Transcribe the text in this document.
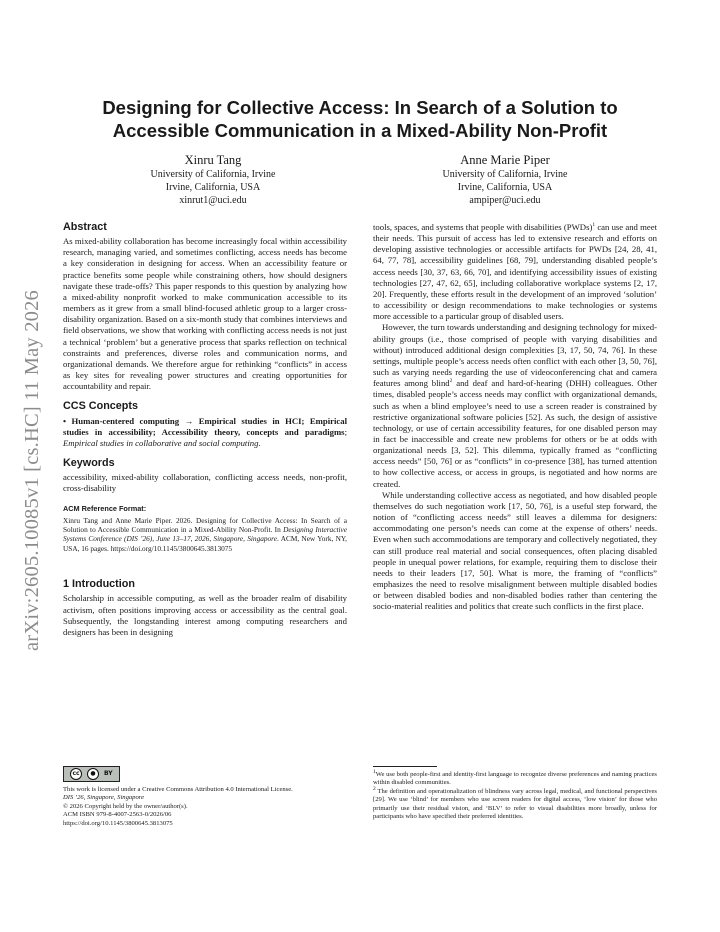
arXiv:2605.10085v1 [cs.HC] 11 May 2026
Designing for Collective Access: In Search of a Solution to Accessible Communication in a Mixed-Ability Non-Profit
Xinru Tang
University of California, Irvine
Irvine, California, USA
xinrut1@uci.edu
Anne Marie Piper
University of California, Irvine
Irvine, California, USA
ampiper@uci.edu
Abstract

As mixed-ability collaboration has become increasingly focal within accessibility research, managing varied, and sometimes conflicting, access needs has become a key consideration in designing for access. When an accessibility feature or practice benefits some people while constraining others, how should designers navigate these trade-offs? This paper responds to this question by analyzing how a mixed-ability nonprofit worked to make communication accessible to its members as it grew from a small blind-focused athletic group to a larger cross-disability organization. Based on a six-month study that combines interviews and field observations, we show that working with conflicting access needs is not just a technical ‘problem’ but a generative process that sparks reflection on technical constraints and preferences, diverse roles and communication norms, and organizational demands. We therefore argue for rethinking “conflicts” in access as key sites for revealing power structures and creating opportunities for accountability and repair.

CCS Concepts

• Human-centered computing → Empirical studies in HCI; Empirical studies in accessibility; Accessibility theory, concepts and paradigms; Empirical studies in collaborative and social computing.

Keywords

accessibility, mixed-ability collaboration, conflicting access needs, non-profit, cross-disability

ACM Reference Format:

Xinru Tang and Anne Marie Piper. 2026. Designing for Collective Access: In Search of a Solution to Accessible Communication in a Mixed-Ability Non-Profit. In Designing Interactive Systems Conference (DIS ’26), June 13–17, 2026, Singapore, Singapore. ACM, New York, NY, USA, 16 pages. https://doi.org/10.1145/3800645.3813075

1 Introduction

Scholarship in accessible computing, as well as the broader realm of disability activism, often positions improving access or accessibility as the central goal. Subsequently, the longstanding interest among computing researchers and designers has been in designing

tools, spaces, and systems that people with disabilities (PWDs)$^1$ can use and meet their needs. This pursuit of access has led to extensive research and efforts on developing assistive technologies or accessible artifacts for PWDs [24, 28, 41, 64, 77, 78], accessibility guidelines [68, 79], understanding disabled people’s access needs [30, 37, 63, 66, 70], and identifying accessibility issues of existing technologies [27, 47, 62, 65], including collaborative workplace systems [2, 17, 20]. Frequently, these efforts result in the development of an improved ‘solution’ to accessibility or design recommendations to make technologies or systems more accessible to a particular group of disabled users.

However, the turn towards understanding and designing technology for mixed-ability groups (i.e., those comprised of people with varying disabilities and without) introduced additional design complexities [3, 17, 50, 74, 76]. In these settings, multiple people’s access needs often conflict with each other [3, 50, 76], such as varying needs regarding the use of videoconferencing chat and camera features among blind$^2$ and deaf and hard-of-hearing (DHH) colleagues. Other times, disabled people’s access needs may conflict with organizational demands, such as when a blind employee’s need to use a screen reader is constrained by restrictive organizational software policies [52]. As such, the design of assistive technology, or use of certain accessibility features, for one disabled person may in fact be inaccessible and create new problems for others or be at odds with organizational needs [3, 52]. This dilemma, typically framed as “conflicting access needs” [50, 76] or as “conflicts” in co-presence [38], has turned attention to how collective access, or access in groups, is negotiated and how norms are created.

While understanding collective access as negotiated, and how disabled people themselves do such negotiation work [17, 50, 76], is a useful step forward, the notion of “conflicting access needs” still leaves a dilemma for designers: accommodating one person’s needs can come at the expense of others’ needs. Even when such accommodations are temporary and collectively negotiated, they can still produce real material and social consequences, often placing disabled people in unequal power relations, for example, requiring them to disclose their needs to their leaders [17, 50]. What is more, the framing of “conflicts” emphasizes the need to resolve misalignment between multiple disabled bodies or between disabled bodies and non-disabled bodies rather than centering the socio-material realities and politics that create such conflicts in the first place.

cc	●	BY
This work is licensed under a Creative Commons Attribution 4.0 International License.
DIS ’26, Singapore, Singapore
© 2026 Copyright held by the owner/author(s).
ACM ISBN 979-8-4007-2563-0/2026/06
https://doi.org/10.1145/3800645.3813075
$^1$We use both people-first and identity-first language to recognize diverse preferences and naming practices within disabled communities.
$^2$ The definition and operationalization of blindness vary across legal, medical, and functional perspectives [29]. We use ‘blind’ for members who use screen readers for digital access, ‘low vision’ for those who primarily use their residual vision, and ‘BLV’ to refer to visual disabilities more broadly, unless for participants who have specified their preferred identities.
